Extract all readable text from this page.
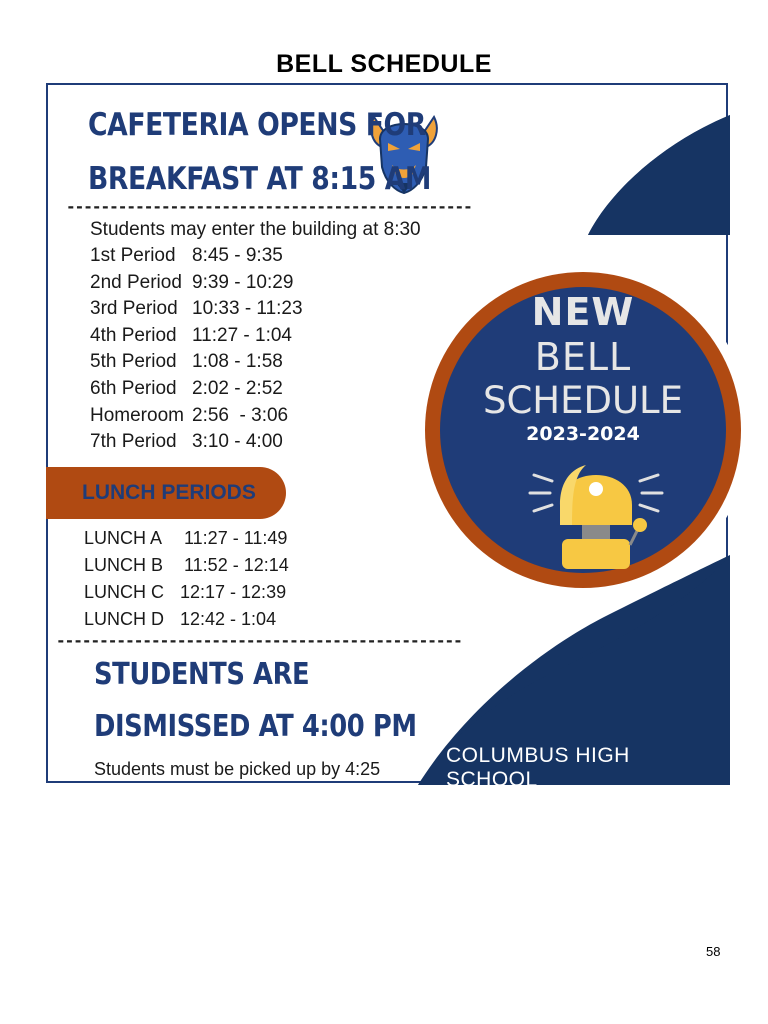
BELL SCHEDULE
CAFETERIA OPENS FOR
BREAKFAST AT 8:15 AM
-----------------------------------------------
Students may enter the building at 8:30
1st Period 8:45 - 9:35
2nd Period 9:39 - 10:29
3rd Period 10:33 - 11:23
4th Period 11:27 - 1:04
5th Period 1:08 - 1:58
6th Period 2:02 - 2:52
Homeroom 2:56  - 3:06
7th Period 3:10 - 4:00
LUNCH PERIODS
LUNCH A 11:27 - 11:49
LUNCH B 11:52 - 12:14
LUNCH C 12:17 - 12:39
LUNCH D 12:42 - 1:04
-----------------------------------------------
STUDENTS ARE
DISMISSED AT 4:00 PM
Students must be picked up by 4:25
NEW
BELL
SCHEDULE
2023-2024
COLUMBUS HIGH SCHOOL
58
